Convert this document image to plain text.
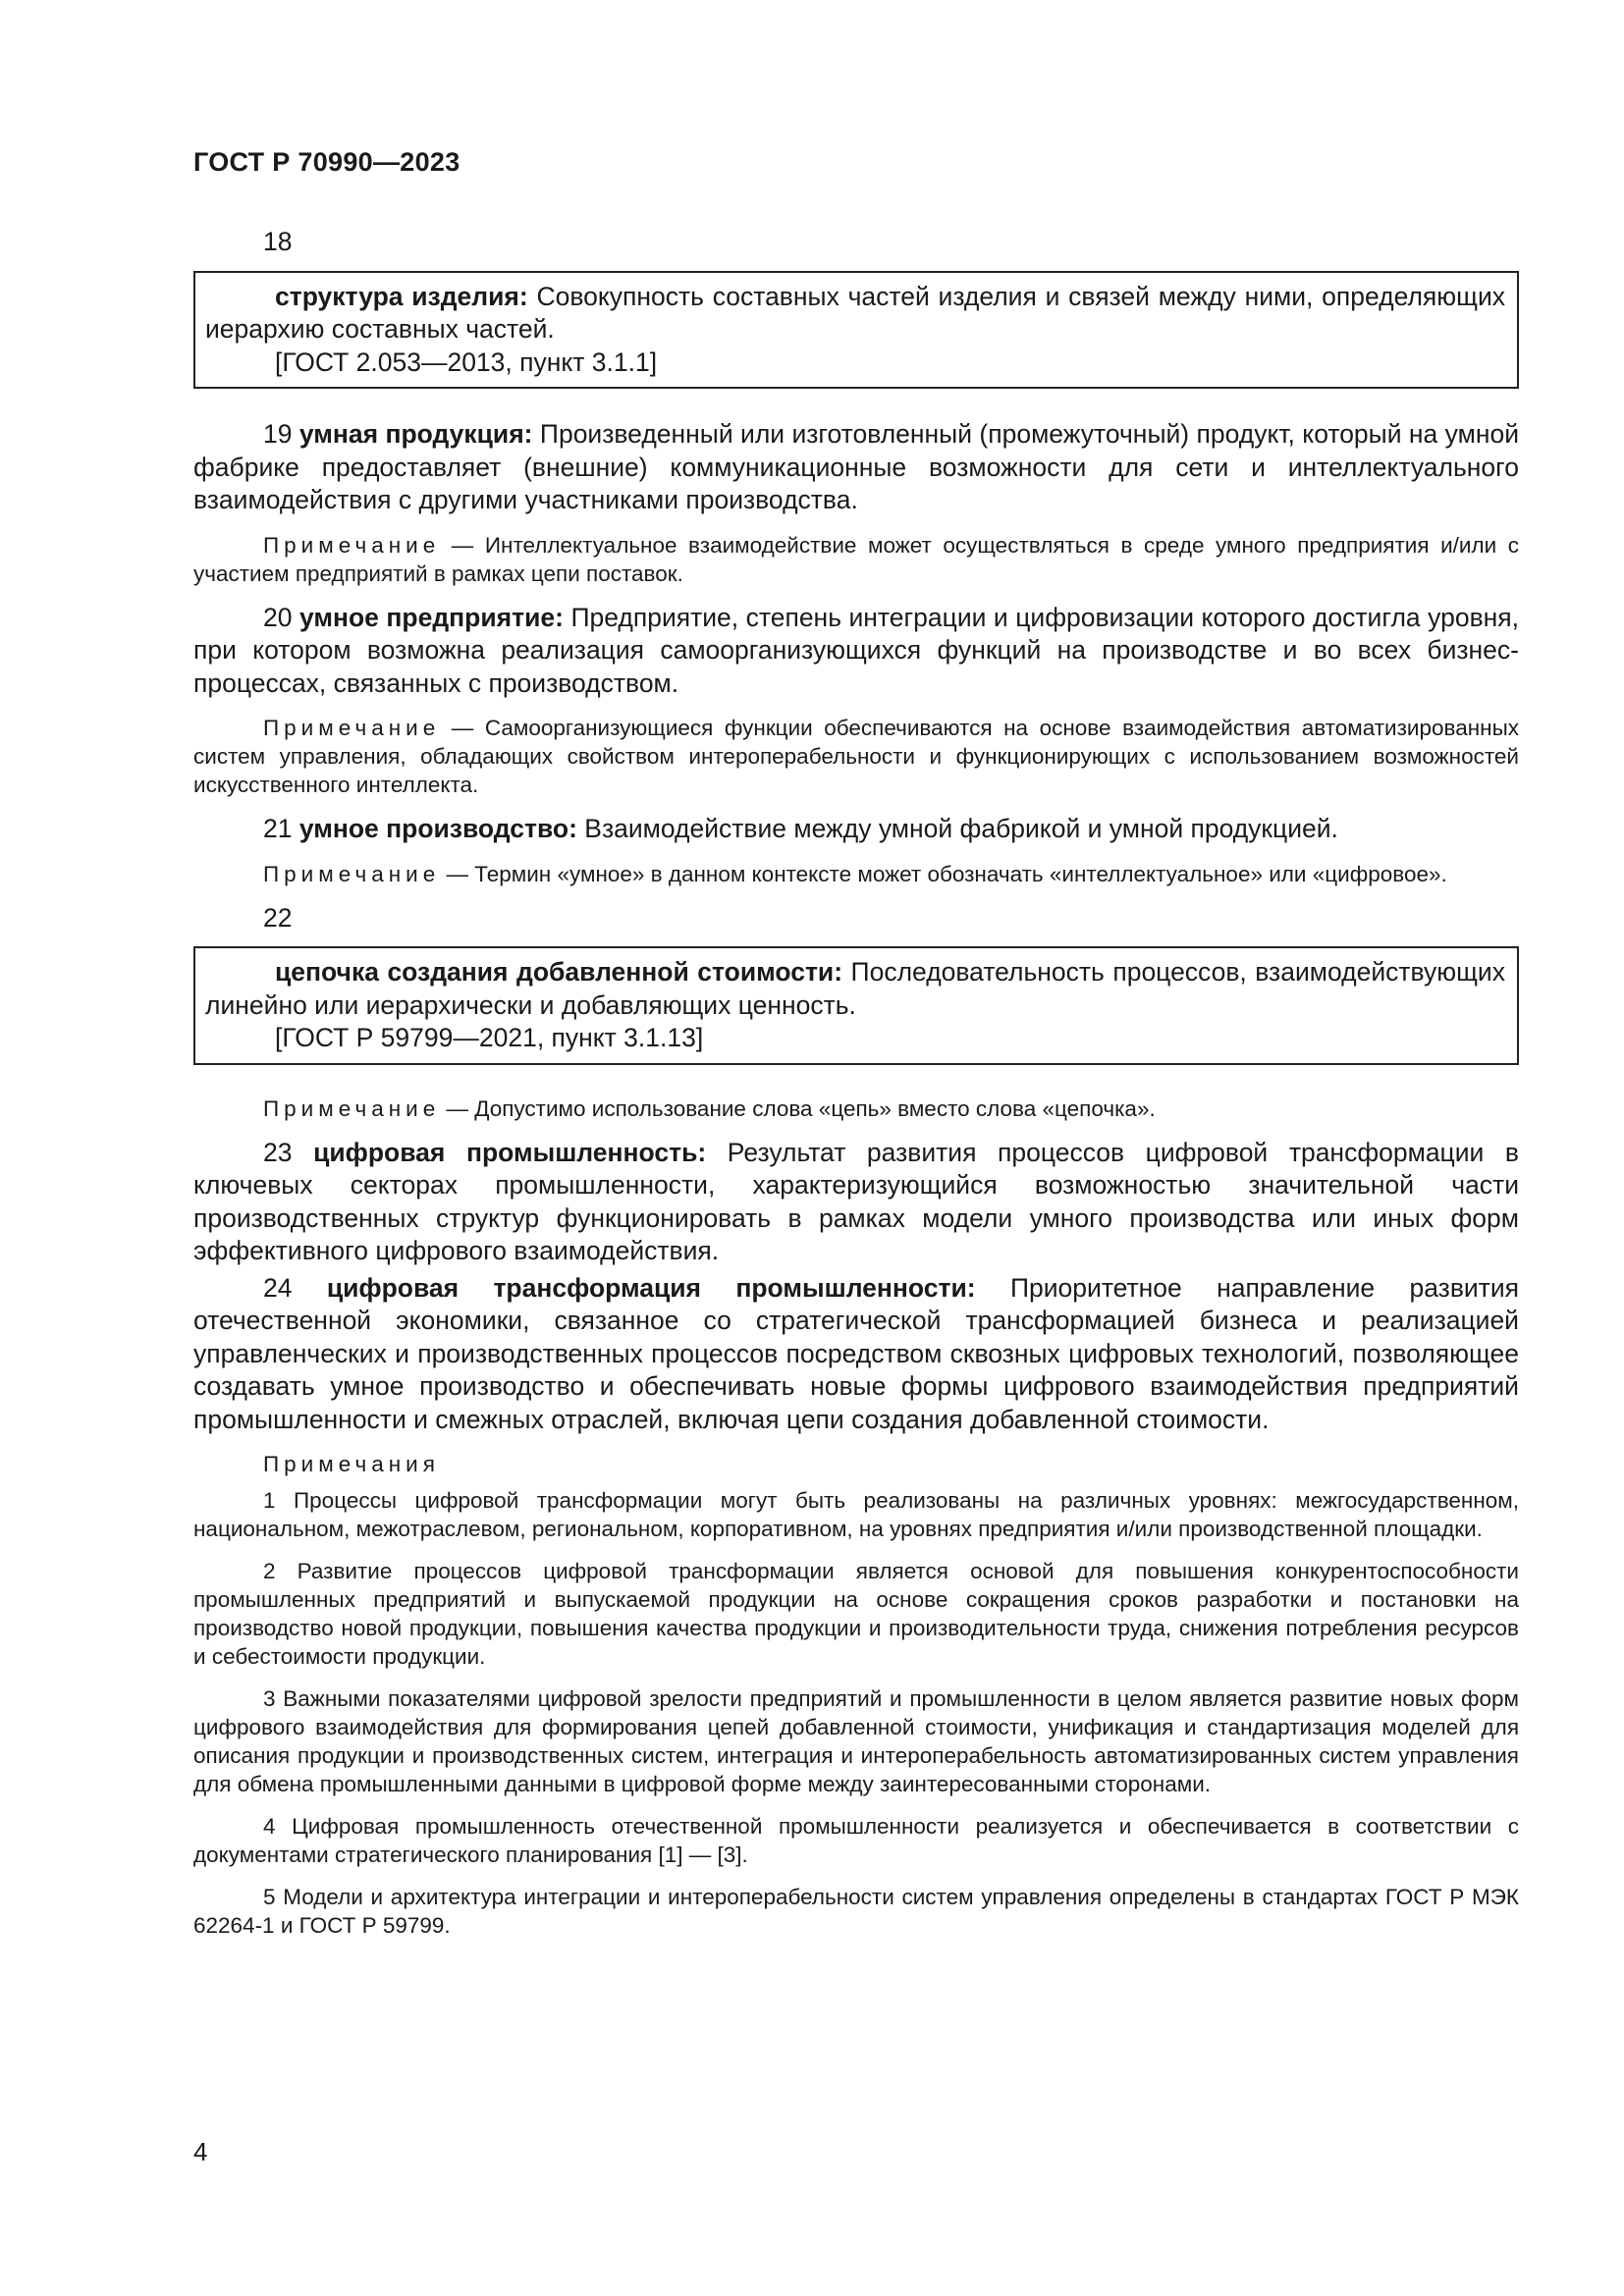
ГОСТ Р 70990—2023
18
структура изделия: Совокупность составных частей изделия и связей между ними, определяющих иерархию составных частей.
[ГОСТ 2.053—2013, пункт 3.1.1]
19 умная продукция: Произведенный или изготовленный (промежуточный) продукт, который на умной фабрике предоставляет (внешние) коммуникационные возможности для сети и интеллектуального взаимодействия с другими участниками производства.
Примечание — Интеллектуальное взаимодействие может осуществляться в среде умного предприятия и/или с участием предприятий в рамках цепи поставок.
20 умное предприятие: Предприятие, степень интеграции и цифровизации которого достигла уровня, при котором возможна реализация самоорганизующихся функций на производстве и во всех бизнес-процессах, связанных с производством.
Примечание — Самоорганизующиеся функции обеспечиваются на основе взаимодействия автоматизированных систем управления, обладающих свойством интероперабельности и функционирующих с использованием возможностей искусственного интеллекта.
21 умное производство: Взаимодействие между умной фабрикой и умной продукцией.
Примечание — Термин «умное» в данном контексте может обозначать «интеллектуальное» или «цифровое».
22
цепочка создания добавленной стоимости: Последовательность процессов, взаимодействующих линейно или иерархически и добавляющих ценность.
[ГОСТ Р 59799—2021, пункт 3.1.13]
Примечание — Допустимо использование слова «цепь» вместо слова «цепочка».
23 цифровая промышленность: Результат развития процессов цифровой трансформации в ключевых секторах промышленности, характеризующийся возможностью значительной части производственных структур функционировать в рамках модели умного производства или иных форм эффективного цифрового взаимодействия.
24 цифровая трансформация промышленности: Приоритетное направление развития отечественной экономики, связанное со стратегической трансформацией бизнеса и реализацией управленческих и производственных процессов посредством сквозных цифровых технологий, позволяющее создавать умное производство и обеспечивать новые формы цифрового взаимодействия предприятий промышленности и смежных отраслей, включая цепи создания добавленной стоимости.
Примечания
1 Процессы цифровой трансформации могут быть реализованы на различных уровнях: межгосударственном, национальном, межотраслевом, региональном, корпоративном, на уровнях предприятия и/или производственной площадки.
2 Развитие процессов цифровой трансформации является основой для повышения конкурентоспособности промышленных предприятий и выпускаемой продукции на основе сокращения сроков разработки и постановки на производство новой продукции, повышения качества продукции и производительности труда, снижения потребления ресурсов и себестоимости продукции.
3 Важными показателями цифровой зрелости предприятий и промышленности в целом является развитие новых форм цифрового взаимодействия для формирования цепей добавленной стоимости, унификация и стандартизация моделей для описания продукции и производственных систем, интеграция и интероперабельность автоматизированных систем управления для обмена промышленными данными в цифровой форме между заинтересованными сторонами.
4 Цифровая промышленность отечественной промышленности реализуется и обеспечивается в соответствии с документами стратегического планирования [1] — [3].
5 Модели и архитектура интеграции и интероперабельности систем управления определены в стандартах ГОСТ Р МЭК 62264-1 и ГОСТ Р 59799.
4
